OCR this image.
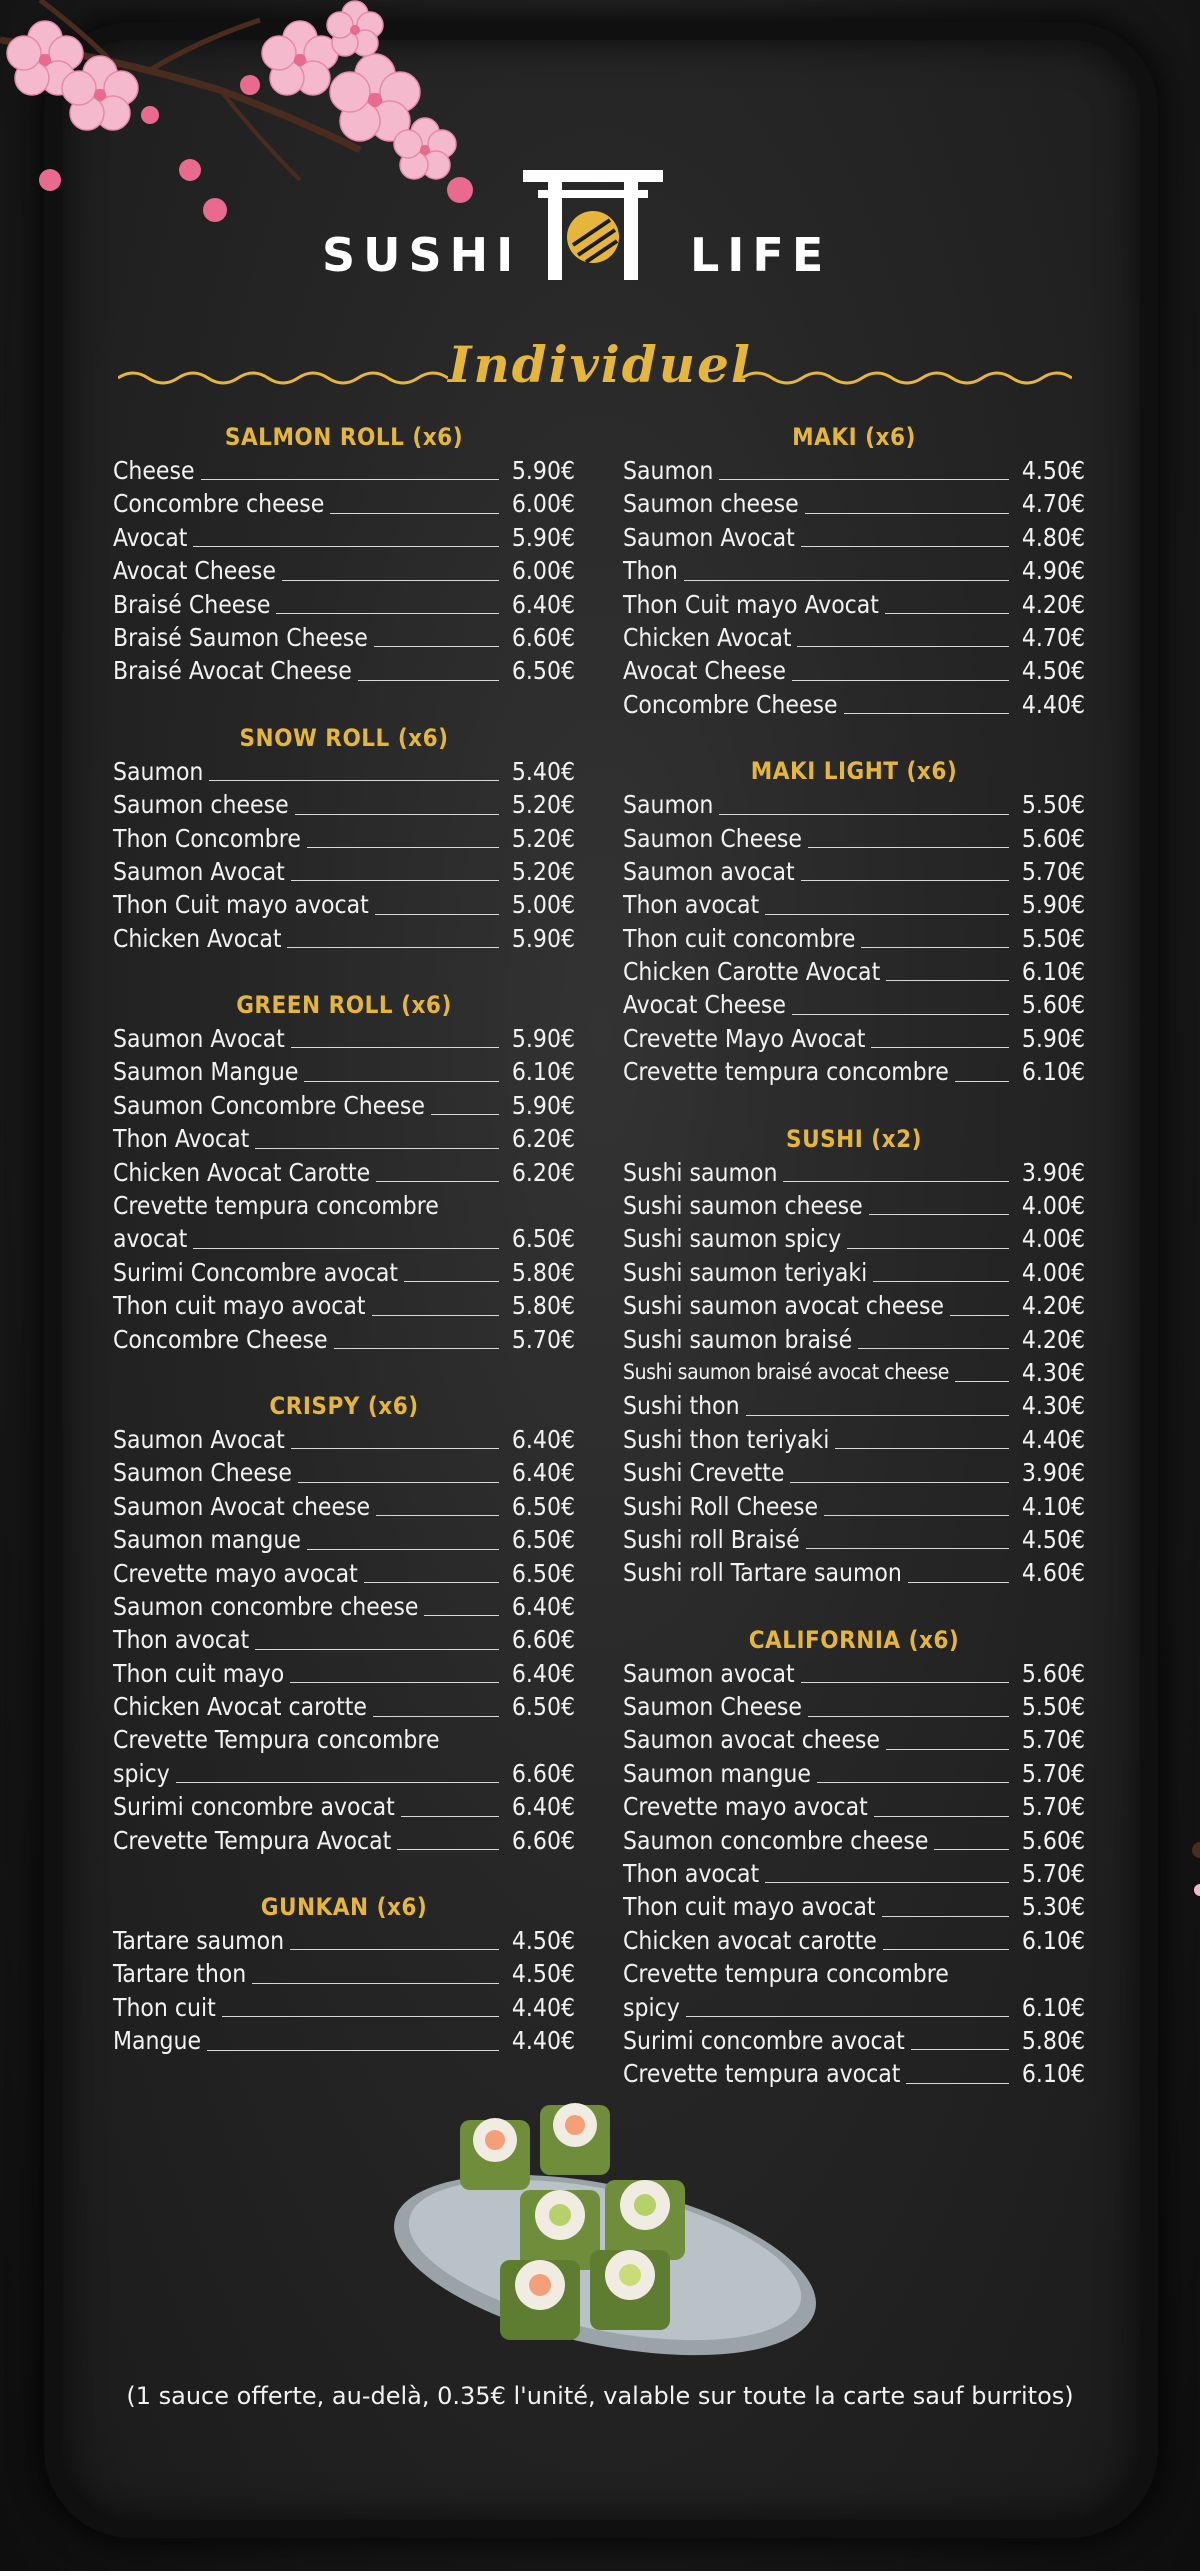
SUSHI	LIFE
Individuel
SALMON ROLL (x6)
Cheese	5.90€
Concombre cheese	6.00€
Avocat	5.90€
Avocat Cheese	6.00€
Braisé Cheese	6.40€
Braisé Saumon Cheese	6.60€
Braisé Avocat Cheese	6.50€
SNOW ROLL (x6)
Saumon	5.40€
Saumon cheese	5.20€
Thon Concombre	5.20€
Saumon Avocat	5.20€
Thon Cuit mayo avocat	5.00€
Chicken Avocat	5.90€
GREEN ROLL (x6)
Saumon Avocat	5.90€
Saumon Mangue	6.10€
Saumon Concombre Cheese	5.90€
Thon Avocat	6.20€
Chicken Avocat Carotte	6.20€
Crevette tempura concombre
avocat	6.50€
Surimi Concombre avocat	5.80€
Thon cuit mayo avocat	5.80€
Concombre Cheese	5.70€
CRISPY (x6)
Saumon Avocat	6.40€
Saumon Cheese	6.40€
Saumon Avocat cheese	6.50€
Saumon mangue	6.50€
Crevette mayo avocat	6.50€
Saumon concombre cheese	6.40€
Thon avocat	6.60€
Thon cuit mayo	6.40€
Chicken Avocat carotte	6.50€
Crevette Tempura concombre
spicy	6.60€
Surimi concombre avocat	6.40€
Crevette Tempura Avocat	6.60€
GUNKAN (x6)
Tartare saumon	4.50€
Tartare thon	4.50€
Thon cuit	4.40€
Mangue	4.40€
MAKI (x6)
Saumon	4.50€
Saumon cheese	4.70€
Saumon Avocat	4.80€
Thon	4.90€
Thon Cuit mayo Avocat	4.20€
Chicken Avocat	4.70€
Avocat Cheese	4.50€
Concombre Cheese	4.40€
MAKI LIGHT (x6)
Saumon	5.50€
Saumon Cheese	5.60€
Saumon avocat	5.70€
Thon avocat	5.90€
Thon cuit concombre	5.50€
Chicken Carotte Avocat	6.10€
Avocat Cheese	5.60€
Crevette Mayo Avocat	5.90€
Crevette tempura concombre	6.10€
SUSHI (x2)
Sushi saumon	3.90€
Sushi saumon cheese	4.00€
Sushi saumon spicy	4.00€
Sushi saumon teriyaki	4.00€
Sushi saumon avocat cheese	4.20€
Sushi saumon braisé	4.20€
Sushi saumon braisé avocat cheese	4.30€
Sushi thon	4.30€
Sushi thon teriyaki	4.40€
Sushi Crevette	3.90€
Sushi Roll Cheese	4.10€
Sushi roll Braisé	4.50€
Sushi roll Tartare saumon	4.60€
CALIFORNIA (x6)
Saumon avocat	5.60€
Saumon Cheese	5.50€
Saumon avocat cheese	5.70€
Saumon mangue	5.70€
Crevette mayo avocat	5.70€
Saumon concombre cheese	5.60€
Thon avocat	5.70€
Thon cuit mayo avocat	5.30€
Chicken avocat carotte	6.10€
Crevette tempura concombre
spicy	6.10€
Surimi concombre avocat	5.80€
Crevette tempura avocat	6.10€
(1 sauce offerte, au-delà, 0.35€ l'unité, valable sur toute la carte sauf burritos)
